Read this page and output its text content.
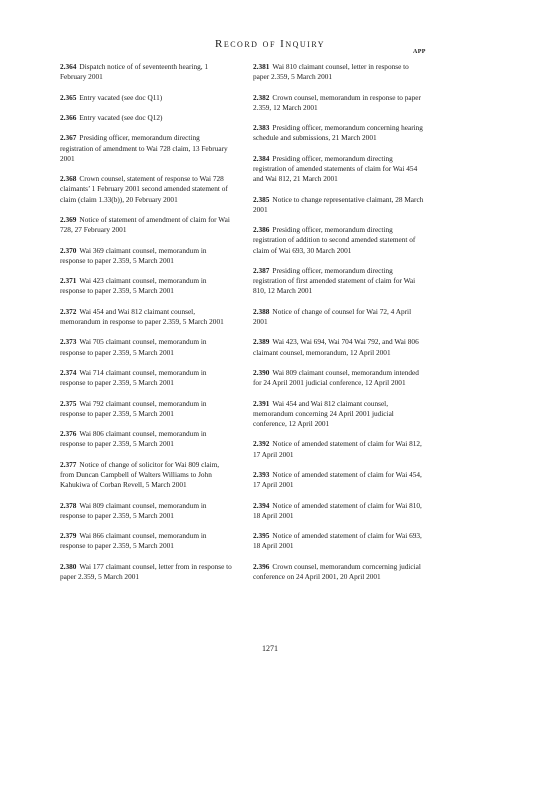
Record of Inquiry
APP

2.364 Dispatch notice of of seventeenth hearing, 1 February 2001

2.365 Entry vacated (see doc Q11)

2.366 Entry vacated (see doc Q12)

2.367 Presiding officer, memorandum directing registration of amendment to Wai 728 claim, 13 February 2001

2.368 Crown counsel, statement of response to Wai 728 claimants’ 1 February 2001 second amended statement of claim (claim 1.33(b)), 20 February 2001

2.369 Notice of statement of amendment of claim for Wai 728, 27 February 2001

2.370 Wai 369 claimant counsel, memorandum in response to paper 2.359, 5 March 2001

2.371 Wai 423 claimant counsel, memorandum in response to paper 2.359, 5 March 2001

2.372 Wai 454 and Wai 812 claimant counsel, memorandum in response to paper 2.359, 5 March 2001

2.373 Wai 705 claimant counsel, memorandum in response to paper 2.359, 5 March 2001

2.374 Wai 714 claimant counsel, memorandum in response to paper 2.359, 5 March 2001

2.375 Wai 792 claimant counsel, memorandum in response to paper 2.359, 5 March 2001

2.376 Wai 806 claimant counsel, memorandum in response to paper 2.359, 5 March 2001

2.377 Notice of change of solicitor for Wai 809 claim, from Duncan Campbell of Walters Williams to John Kahukiwa of Corban Revell, 5 March 2001

2.378 Wai 809 claimant counsel, memorandum in response to paper 2.359, 5 March 2001

2.379 Wai 866 claimant counsel, memorandum in response to paper 2.359, 5 March 2001

2.380 Wai 177 claimant counsel, letter from in response to paper 2.359, 5 March 2001

2.381 Wai 810 claimant counsel, letter in response to paper 2.359, 5 March 2001

2.382 Crown counsel, memorandum in response to paper 2.359, 12 March 2001

2.383 Presiding officer, memorandum concerning hearing schedule and submissions, 21 March 2001

2.384 Presiding officer, memorandum directing registration of amended statements of claim for Wai 454 and Wai 812, 21 March 2001

2.385 Notice to change representative claimant, 28 March 2001

2.386 Presiding officer, memorandum directing registration of addition to second amended statement of claim of Wai 693, 30 March 2001

2.387 Presiding officer, memorandum directing registration of first amended statement of claim for Wai 810, 12 March 2001

2.388 Notice of change of counsel for Wai 72, 4 April 2001

2.389 Wai 423, Wai 694, Wai 704 Wai 792, and Wai 806 claimant counsel, memorandum, 12 April 2001

2.390 Wai 809 claimant counsel, memorandum intended for 24 April 2001 judicial conference, 12 April 2001

2.391 Wai 454 and Wai 812 claimant counsel, memorandum concerning 24 April 2001 judicial conference, 12 April 2001

2.392 Notice of amended statement of claim for Wai 812, 17 April 2001

2.393 Notice of amended statement of claim for Wai 454, 17 April 2001

2.394 Notice of amended statement of claim for Wai 810, 18 April 2001

2.395 Notice of amended statement of claim for Wai 693, 18 April 2001

2.396 Crown counsel, memorandum corncerning judicial conference on 24 April 2001, 20 April 2001

1271
